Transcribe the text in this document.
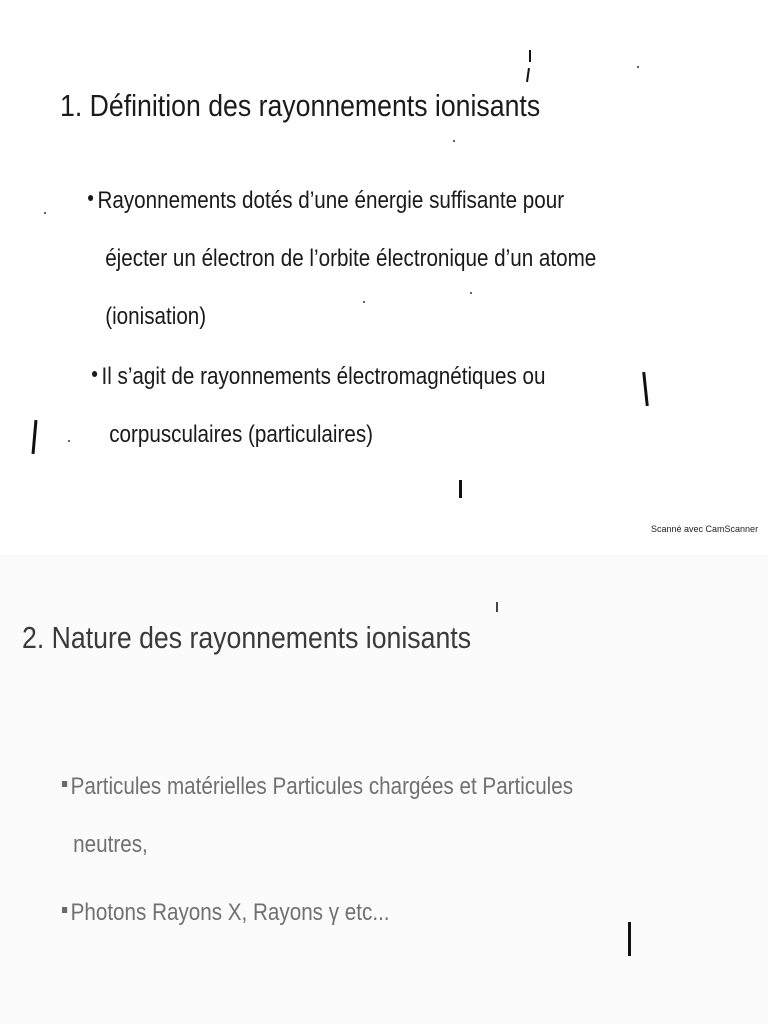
1. Définition des rayonnements ionisants
Rayonnements dotés d’une énergie suffisante pour
éjecter un électron de l’orbite électronique d’un atome
(ionisation)
Il s’agit de rayonnements électromagnétiques ou
corpusculaires (particulaires)
Scanné avec CamScanner
2. Nature des rayonnements ionisants
Particules matérielles Particules chargées et Particules
neutres,
Photons Rayons X, Rayons γ etc...
